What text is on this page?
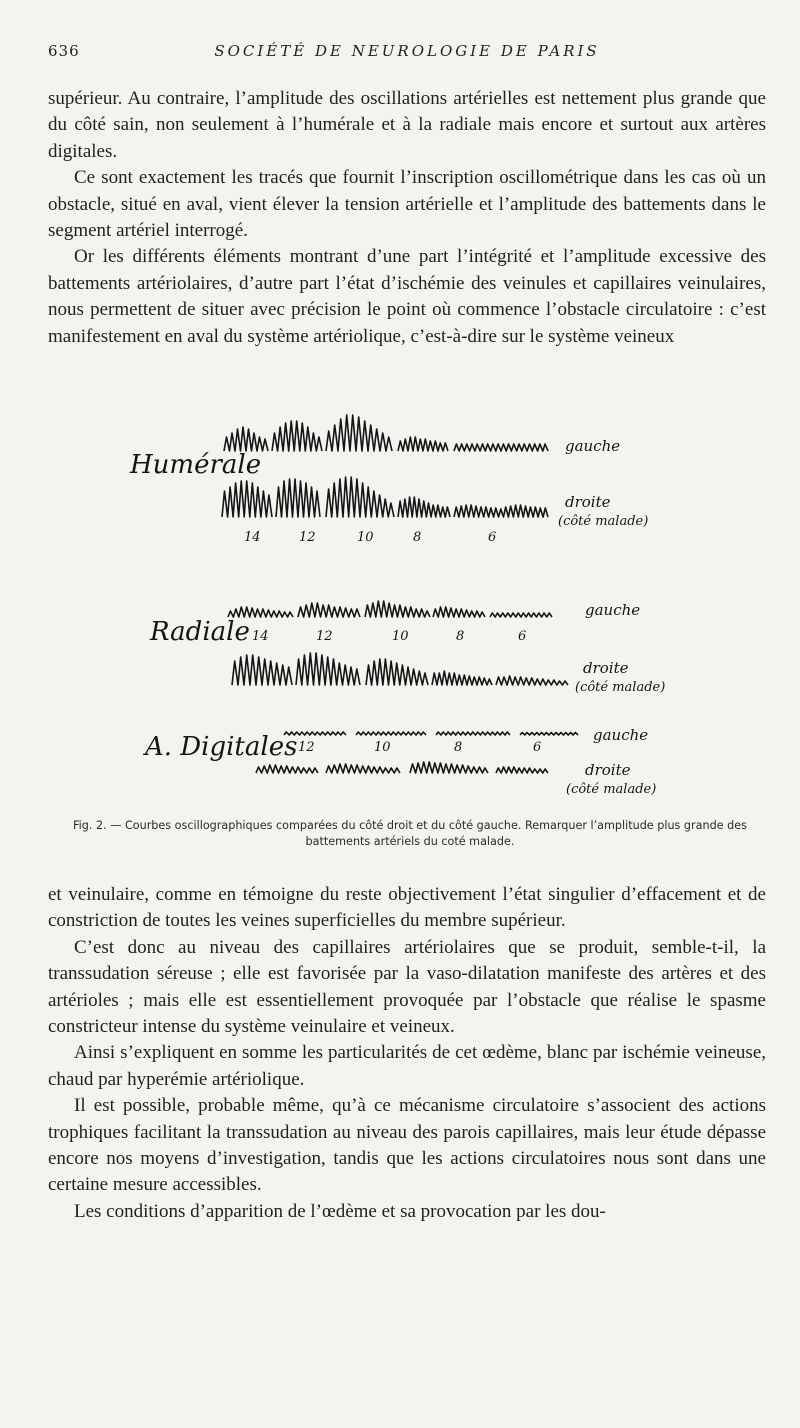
636	SOCIÉTÉ DE NEUROLOGIE DE PARIS

supérieur. Au contraire, l’amplitude des oscillations artérielles est nettement plus grande que du côté sain, non seulement à l’humérale et à la radiale mais encore et surtout aux artères digitales.

Ce sont exactement les tracés que fournit l’inscription oscillométrique dans les cas où un obstacle, situé en aval, vient élever la tension artérielle et l’amplitude des battements dans le segment artériel interrogé.

Or les différents éléments montrant d’une part l’intégrité et l’amplitude excessive des battements artériolaires, d’autre part l’état d’ischémie des veinules et capillaires veinulaires, nous permettent de situer avec précision le point où commence l’obstacle circulatoire : c’est manifestement en aval du système artériolique, c’est-à-dire sur le système veineux

Humérale
gauche
droite
(côté malade)
14	12	10	8	6
Radiale
gauche
14	12	10	8	6
droite
(côté malade)
A. Digitales	gauche
12	10	8	6
droite
(côté malade)
Fig. 2. — Courbes oscillographiques comparées du côté droit et du côté gauche. Remarquer l’amplitude plus grande des battements artériels du coté malade.

et veinulaire, comme en témoigne du reste objectivement l’état singulier d’effacement et de constriction de toutes les veines superficielles du membre supérieur.

C’est donc au niveau des capillaires artériolaires que se produit, semble-t-il, la transsudation séreuse ; elle est favorisée par la vaso-dilatation manifeste des artères et des artérioles ; mais elle est essentiellement provoquée par l’obstacle que réalise le spasme constricteur intense du système veinulaire et veineux.

Ainsi s’expliquent en somme les particularités de cet œdème, blanc par ischémie veineuse, chaud par hyperémie artériolique.

Il est possible, probable même, qu’à ce mécanisme circulatoire s’associent des actions trophiques facilitant la transsudation au niveau des parois capillaires, mais leur étude dépasse encore nos moyens d’investigation, tandis que les actions circulatoires nous sont dans une certaine mesure accessibles.

Les conditions d’apparition de l’œdème et sa provocation par les dou-
